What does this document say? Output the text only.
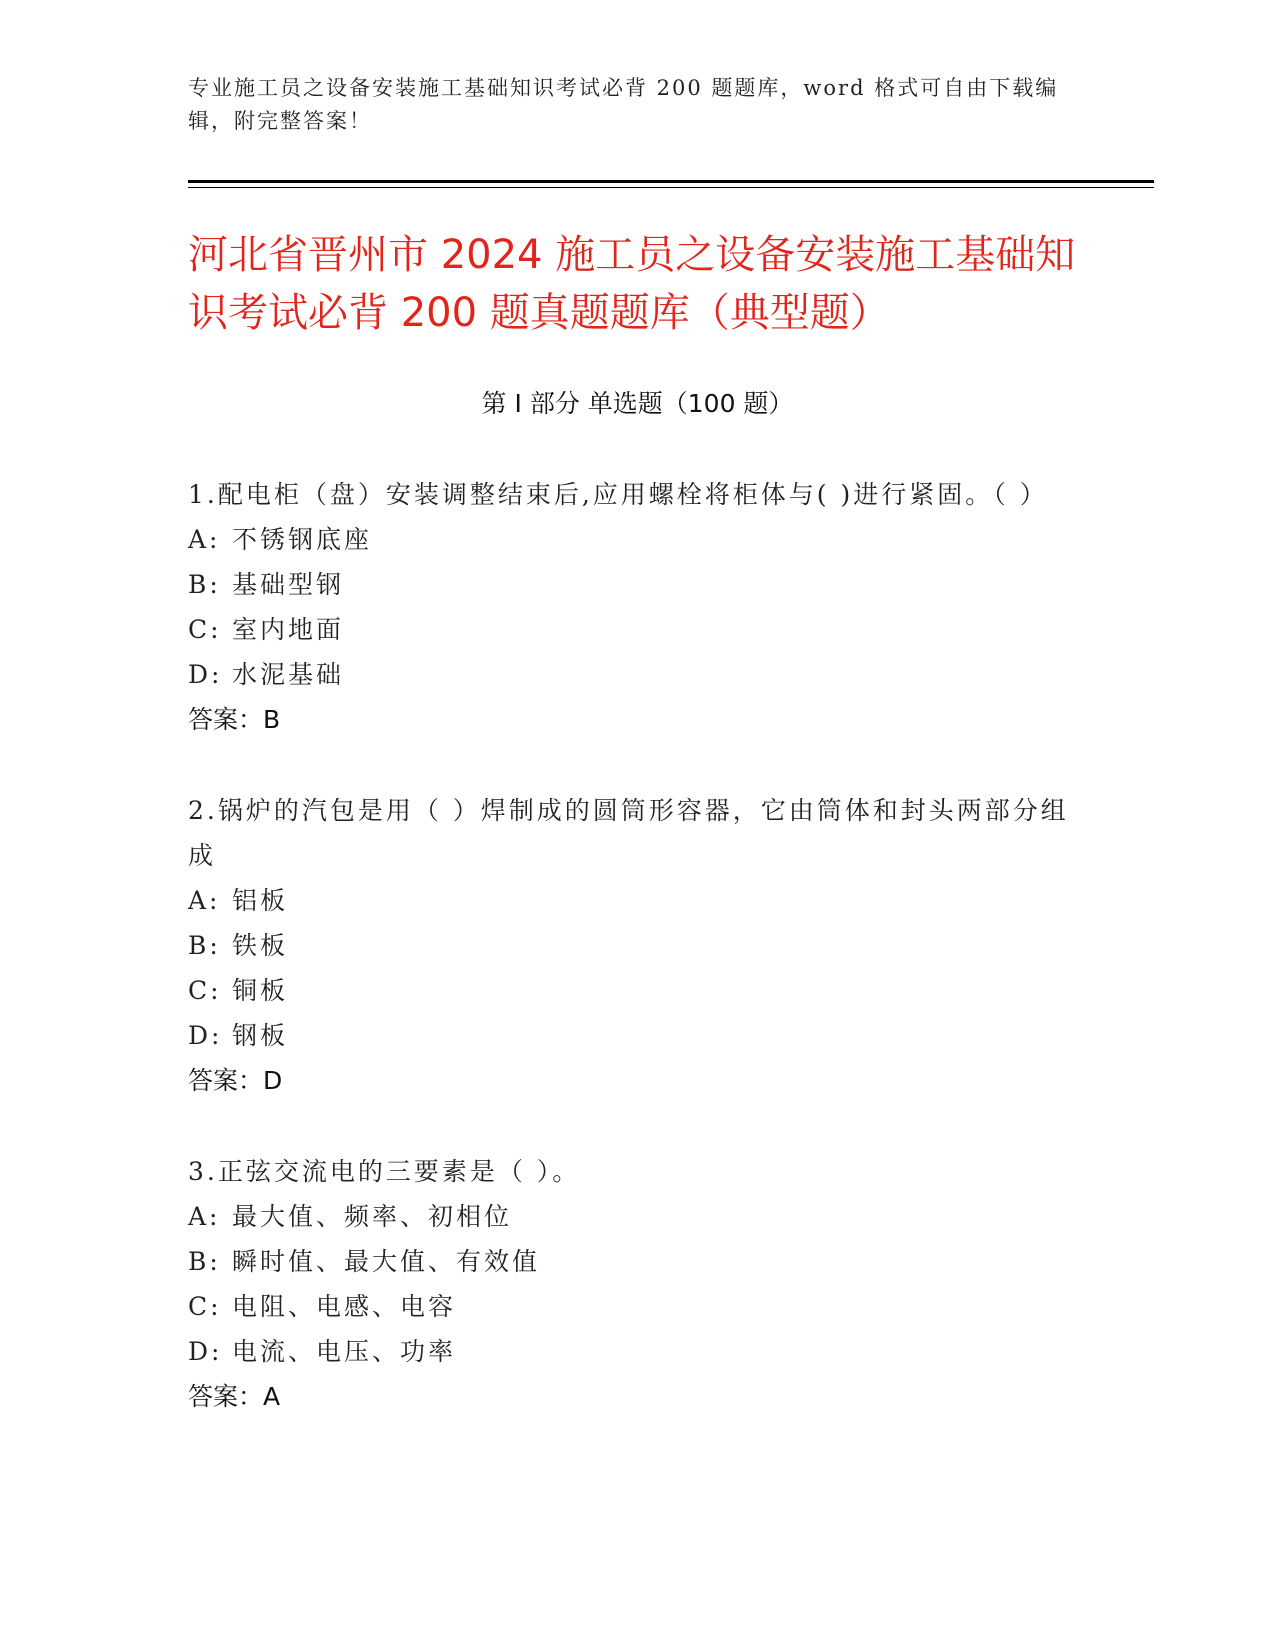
专业施工员之设备安装施工基础知识考试必背 200 题题库，word 格式可自由下载编辑，附完整答案！
河北省晋州市 2024 施工员之设备安装施工基础知识考试必背 200 题真题题库（典型题）
第 I 部分 单选题（100 题）

1.配电柜（盘）安装调整结束后,应用螺栓将柜体与( )进行紧固。（ ）

A: 不锈钢底座
B: 基础型钢
C: 室内地面
D: 水泥基础
答案：B

2.锅炉的汽包是用（ ）焊制成的圆筒形容器，它由筒体和封头两部分组成

A: 铝板
B: 铁板
C: 铜板
D: 钢板
答案：D

3.正弦交流电的三要素是（ ）。

A: 最大值、频率、初相位
B: 瞬时值、最大值、有效值
C: 电阻、电感、电容
D: 电流、电压、功率
答案：A
